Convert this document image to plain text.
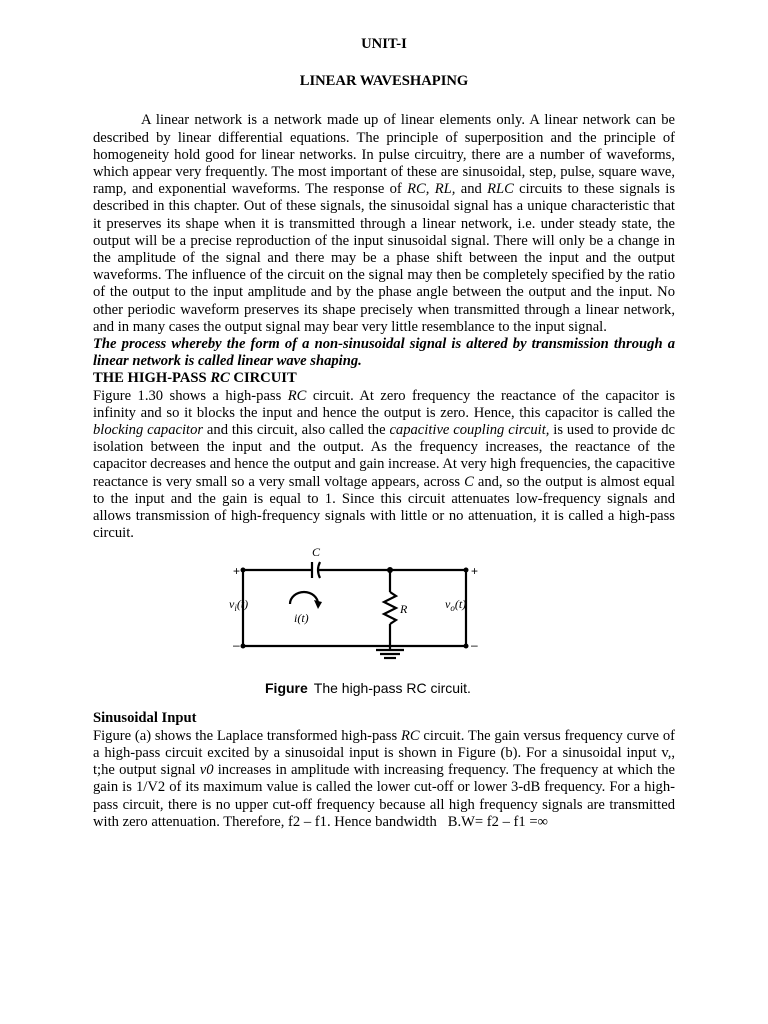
UNIT-I

LINEAR WAVESHAPING

A linear network is a network made up of linear elements only. A linear network can be described by linear differential equations. The principle of superposition and the principle of homogeneity hold good for linear networks. In pulse circuitry, there are a number of waveforms, which appear very frequently. The most important of these are sinusoidal, step, pulse, square wave, ramp, and exponential waveforms. The response of RC, RL, and RLC circuits to these signals is described in this chapter. Out of these signals, the sinusoidal signal has a unique characteristic that it preserves its shape when it is transmitted through a linear network, i.e. under steady state, the output will be a precise reproduction of the input sinusoidal signal. There will only be a change in the amplitude of the signal and there may be a phase shift between the input and the output waveforms. The influence of the circuit on the signal may then be completely specified by the ratio of the output to the input amplitude and by the phase angle between the output and the input. No other periodic waveform preserves its shape precisely when transmitted through a linear network, and in many cases the output signal may bear very little resemblance to the input signal.

The process whereby the form of a non-sinusoidal signal is altered by transmission through a linear network is called linear wave shaping.

THE HIGH-PASS RC CIRCUIT

Figure 1.30 shows a high-pass RC circuit. At zero frequency the reactance of the capacitor is infinity and so it blocks the input and hence the output is zero. Hence, this capacitor is called the blocking capacitor and this circuit, also called the capacitive coupling circuit, is used to provide dc isolation between the input and the output. As the frequency increases, the reactance of the capacitor decreases and hence the output and gain increase. At very high frequencies, the capacitive reactance is very small so a very small voltage appears, across C and, so the output is almost equal to the input and the gain is equal to 1. Since this circuit attenuates low-frequency signals and allows transmission of high-frequency signals with little or no attenuation, it is called a high-pass circuit.

C
R
+
–
+
–
$v_i(t)$	$v_o(t)$
i(t)
Figure The high-pass RC circuit.

Sinusoidal Input

Figure (a) shows the Laplace transformed high-pass RC circuit. The gain versus frequency curve of a high-pass circuit excited by a sinusoidal input is shown in Figure (b). For a sinusoidal input v,, t;he output signal v0 increases in amplitude with increasing frequency. The frequency at which the gain is 1/V2 of its maximum value is called the lower cut-off or lower 3-dB frequency. For a high-pass circuit, there is no upper cut-off frequency because all high frequency signals are transmitted with zero attenuation. Therefore, f2 – f1. Hence bandwidth B.W= f2 – f1 =∞
